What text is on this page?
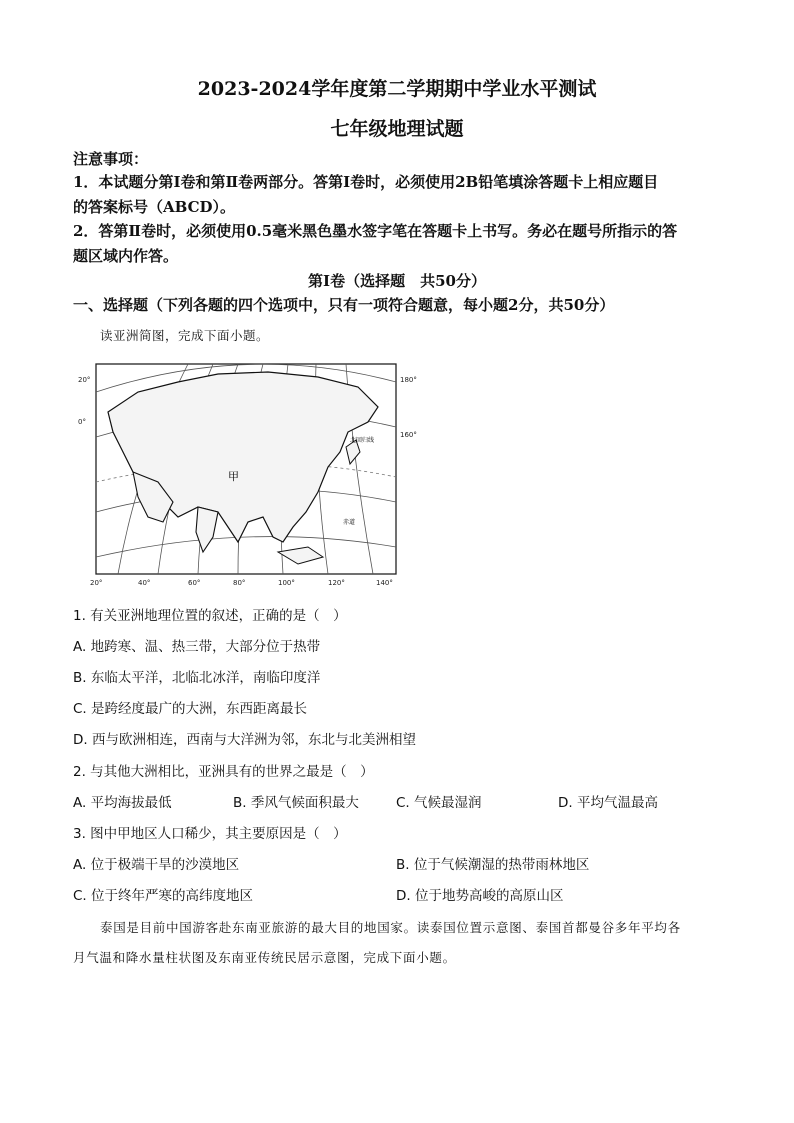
2023-2024学年度第二学期期中学业水平测试
七年级地理试题
注意事项：
1．本试题分第Ⅰ卷和第Ⅱ卷两部分。答第Ⅰ卷时，必须使用2B铅笔填涂答题卡上相应题目
的答案标号（ABCD）。
2．答第Ⅱ卷时，必须使用0.5毫米黑色墨水签字笔在答题卡上书写。务必在题号所指示的答
题区域内作答。
第Ⅰ卷（选择题　共50分）
一、选择题（下列各题的四个选项中，只有一项符合题意，每小题2分，共50分）
读亚洲简图，完成下面小题。
甲
北回归线
赤道
20°
0°
180°
160°
20°	40°	60°	80°	100°	120°	140°
1. 有关亚洲地理位置的叙述，正确的是（　）
A. 地跨寒、温、热三带，大部分位于热带
B. 东临太平洋，北临北冰洋，南临印度洋
C. 是跨经度最广的大洲，东西距离最长
D. 西与欧洲相连，西南与大洋洲为邻，东北与北美洲相望
2. 与其他大洲相比，亚洲具有的世界之最是（　）
A. 平均海拔最低	B. 季风气候面积最大	C. 气候最湿润	D. 平均气温最高
3. 图中甲地区人口稀少，其主要原因是（　）
A. 位于极端干旱的沙漠地区	B. 位于气候潮湿的热带雨林地区
C. 位于终年严寒的高纬度地区	D. 位于地势高峻的高原山区
泰国是目前中国游客赴东南亚旅游的最大目的地国家。读泰国位置示意图、泰国首都曼谷多年平均各
月气温和降水量柱状图及东南亚传统民居示意图，完成下面小题。
